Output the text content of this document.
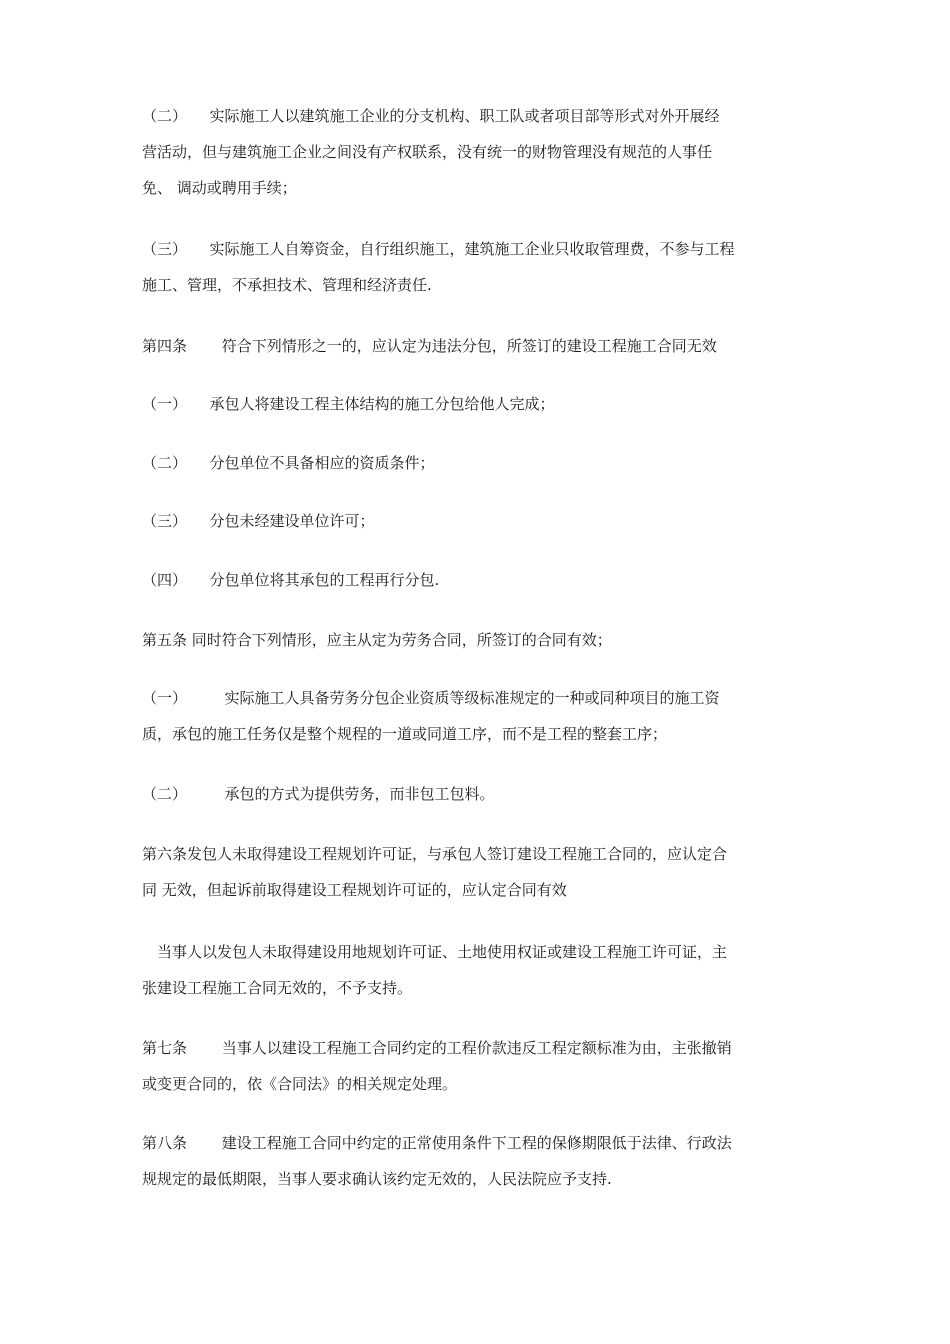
（二）　　实际施工人以建筑施工企业的分支机构、职工队或者项目部等形式对外开展经
营活动，但与建筑施工企业之间没有产权联系，没有统一的财物管理没有规范的人事任
免、 调动或聘用手续；
（三）　　实际施工人自筹资金，自行组织施工，建筑施工企业只收取管理费，不参与工程
施工、管理，不承担技术、管理和经济责任.
第四条　　 符合下列情形之一的，应认定为违法分包，所签订的建设工程施工合同无效
（一）　　承包人将建设工程主体结构的施工分包给他人完成；
（二）　　分包单位不具备相应的资质条件；
（三）　　分包未经建设单位许可；
（四）　　分包单位将其承包的工程再行分包.
第五条 同时符合下列情形，应主从定为劳务合同，所签订的合同有效；
（一）　　　实际施工人具备劳务分包企业资质等级标准规定的一种或同种项目的施工资
质，承包的施工任务仅是整个规程的一道或同道工序，而不是工程的整套工序；
（二）　　　承包的方式为提供劳务，而非包工包料。
第六条发包人未取得建设工程规划许可证，与承包人签订建设工程施工合同的，应认定合
同 无效，但起诉前取得建设工程规划许可证的，应认定合同有效
　当事人以发包人未取得建设用地规划许可证、土地使用权证或建设工程施工许可证，主
张建设工程施工合同无效的，不予支持。
第七条　　 当事人以建设工程施工合同约定的工程价款违反工程定额标准为由，主张撤销
或变更合同的，依《合同法》的相关规定处理。
第八条　　 建设工程施工合同中约定的正常使用条件下工程的保修期限低于法律、行政法
规规定的最低期限，当事人要求确认该约定无效的，人民法院应予支持.
